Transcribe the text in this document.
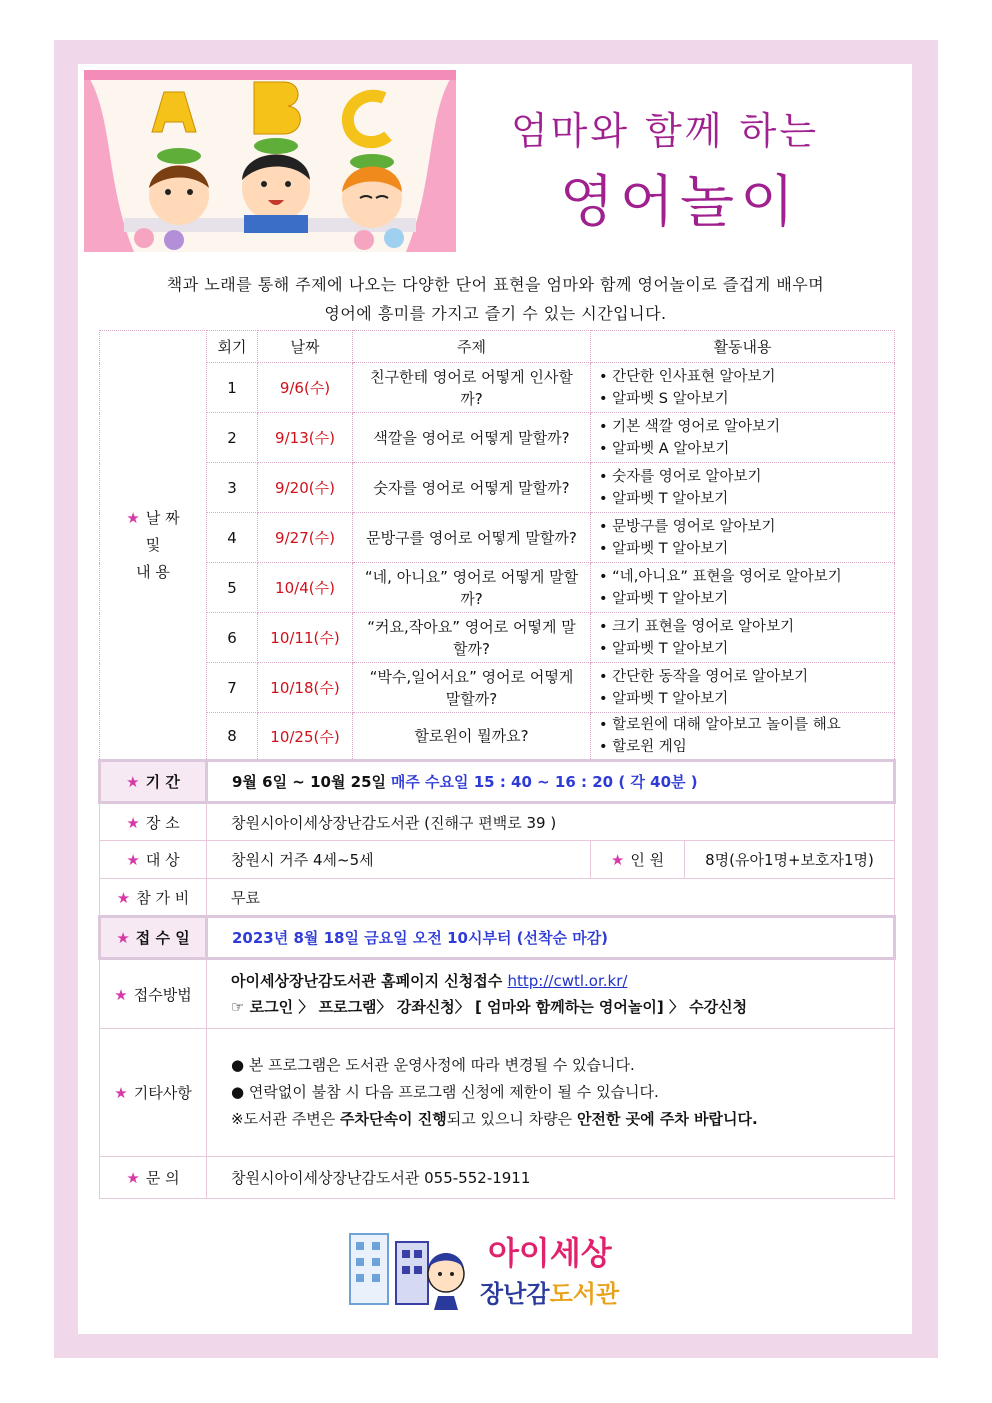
엄마와 함께 하는
영어놀이
책과 노래를 통해 주제에 나오는 다양한 단어 표현을 엄마와 함께 영어놀이로 즐겁게 배우며
영어에 흥미를 가지고 즐기 수 있는 시간입니다.
★ 날 짜
및
내 용	회기	날짜	주제	활동내용	
	1	9/6(수)	친구한테 영어로 어떻게 인사할까?	• 간단한 인사표현 알아보기
• 알파벳 S 알아보기	

	2	9/13(수)	색깔을 영어로 어떻게 말할까?	• 기본 색깔 영어로 알아보기
• 알파벳 A 알아보기	

	3	9/20(수)	숫자를 영어로 어떻게 말할까?	• 숫자를 영어로 알아보기
• 알파벳 T 알아보기	

	4	9/27(수)	문방구를 영어로 어떻게 말할까?	• 문방구를 영어로 알아보기
• 알파벳 T 알아보기	

	5	10/4(수)	“네, 아니요” 영어로 어떻게 말할까?	• “네,아니요” 표현을 영어로 알아보기
• 알파벳 T 알아보기	

	6	10/11(수)	“커요,작아요” 영어로 어떻게 말할까?	• 크기 표현을 영어로 알아보기
• 알파벳 T 알아보기	

	7	10/18(수)	“박수,일어서요” 영어로 어떻게 말할까?	• 간단한 동작을 영어로 알아보기
• 알파벳 T 알아보기	

	8	10/25(수)	할로윈이 뭘까요?	• 할로윈에 대해 알아보고 놀이를 해요
• 할로윈 게임	

★ 기 간	9월 6일 ~ 10월 25일 매주 수요일 15 : 40 ~ 16 : 20 ( 각 40분 )				
★ 장 소	창원시아이세상장난감도서관 (진해구 편백로 39 )				
★ 대 상	창원시 거주 4세~5세			★ 인 원	8명(유아1명+보호자1명)
★ 참 가 비	무료				
★ 접 수 일	2023년 8월 18일 금요일 오전 10시부터 (선착순 마감)				
★ 접수방법	아이세상장난감도서관 홈페이지 신청접수 http://cwtl.or.kr/
☞ 로그인 〉 프로그램〉 강좌신청〉 [ 엄마와 함께하는 영어놀이] 〉 수강신청				

★ 기타사항	● 본 프로그램은 도서관 운영사정에 따라 변경될 수 있습니다.
● 연락없이 불참 시 다음 프로그램 신청에 제한이 될 수 있습니다.
※도서관 주변은 주차단속이 진행되고 있으니 차량은 안전한 곳에 주차 바랍니다.				

★ 문 의	창원시아이세상장난감도서관 055-552-1911				
아이세상
장난감도서관
